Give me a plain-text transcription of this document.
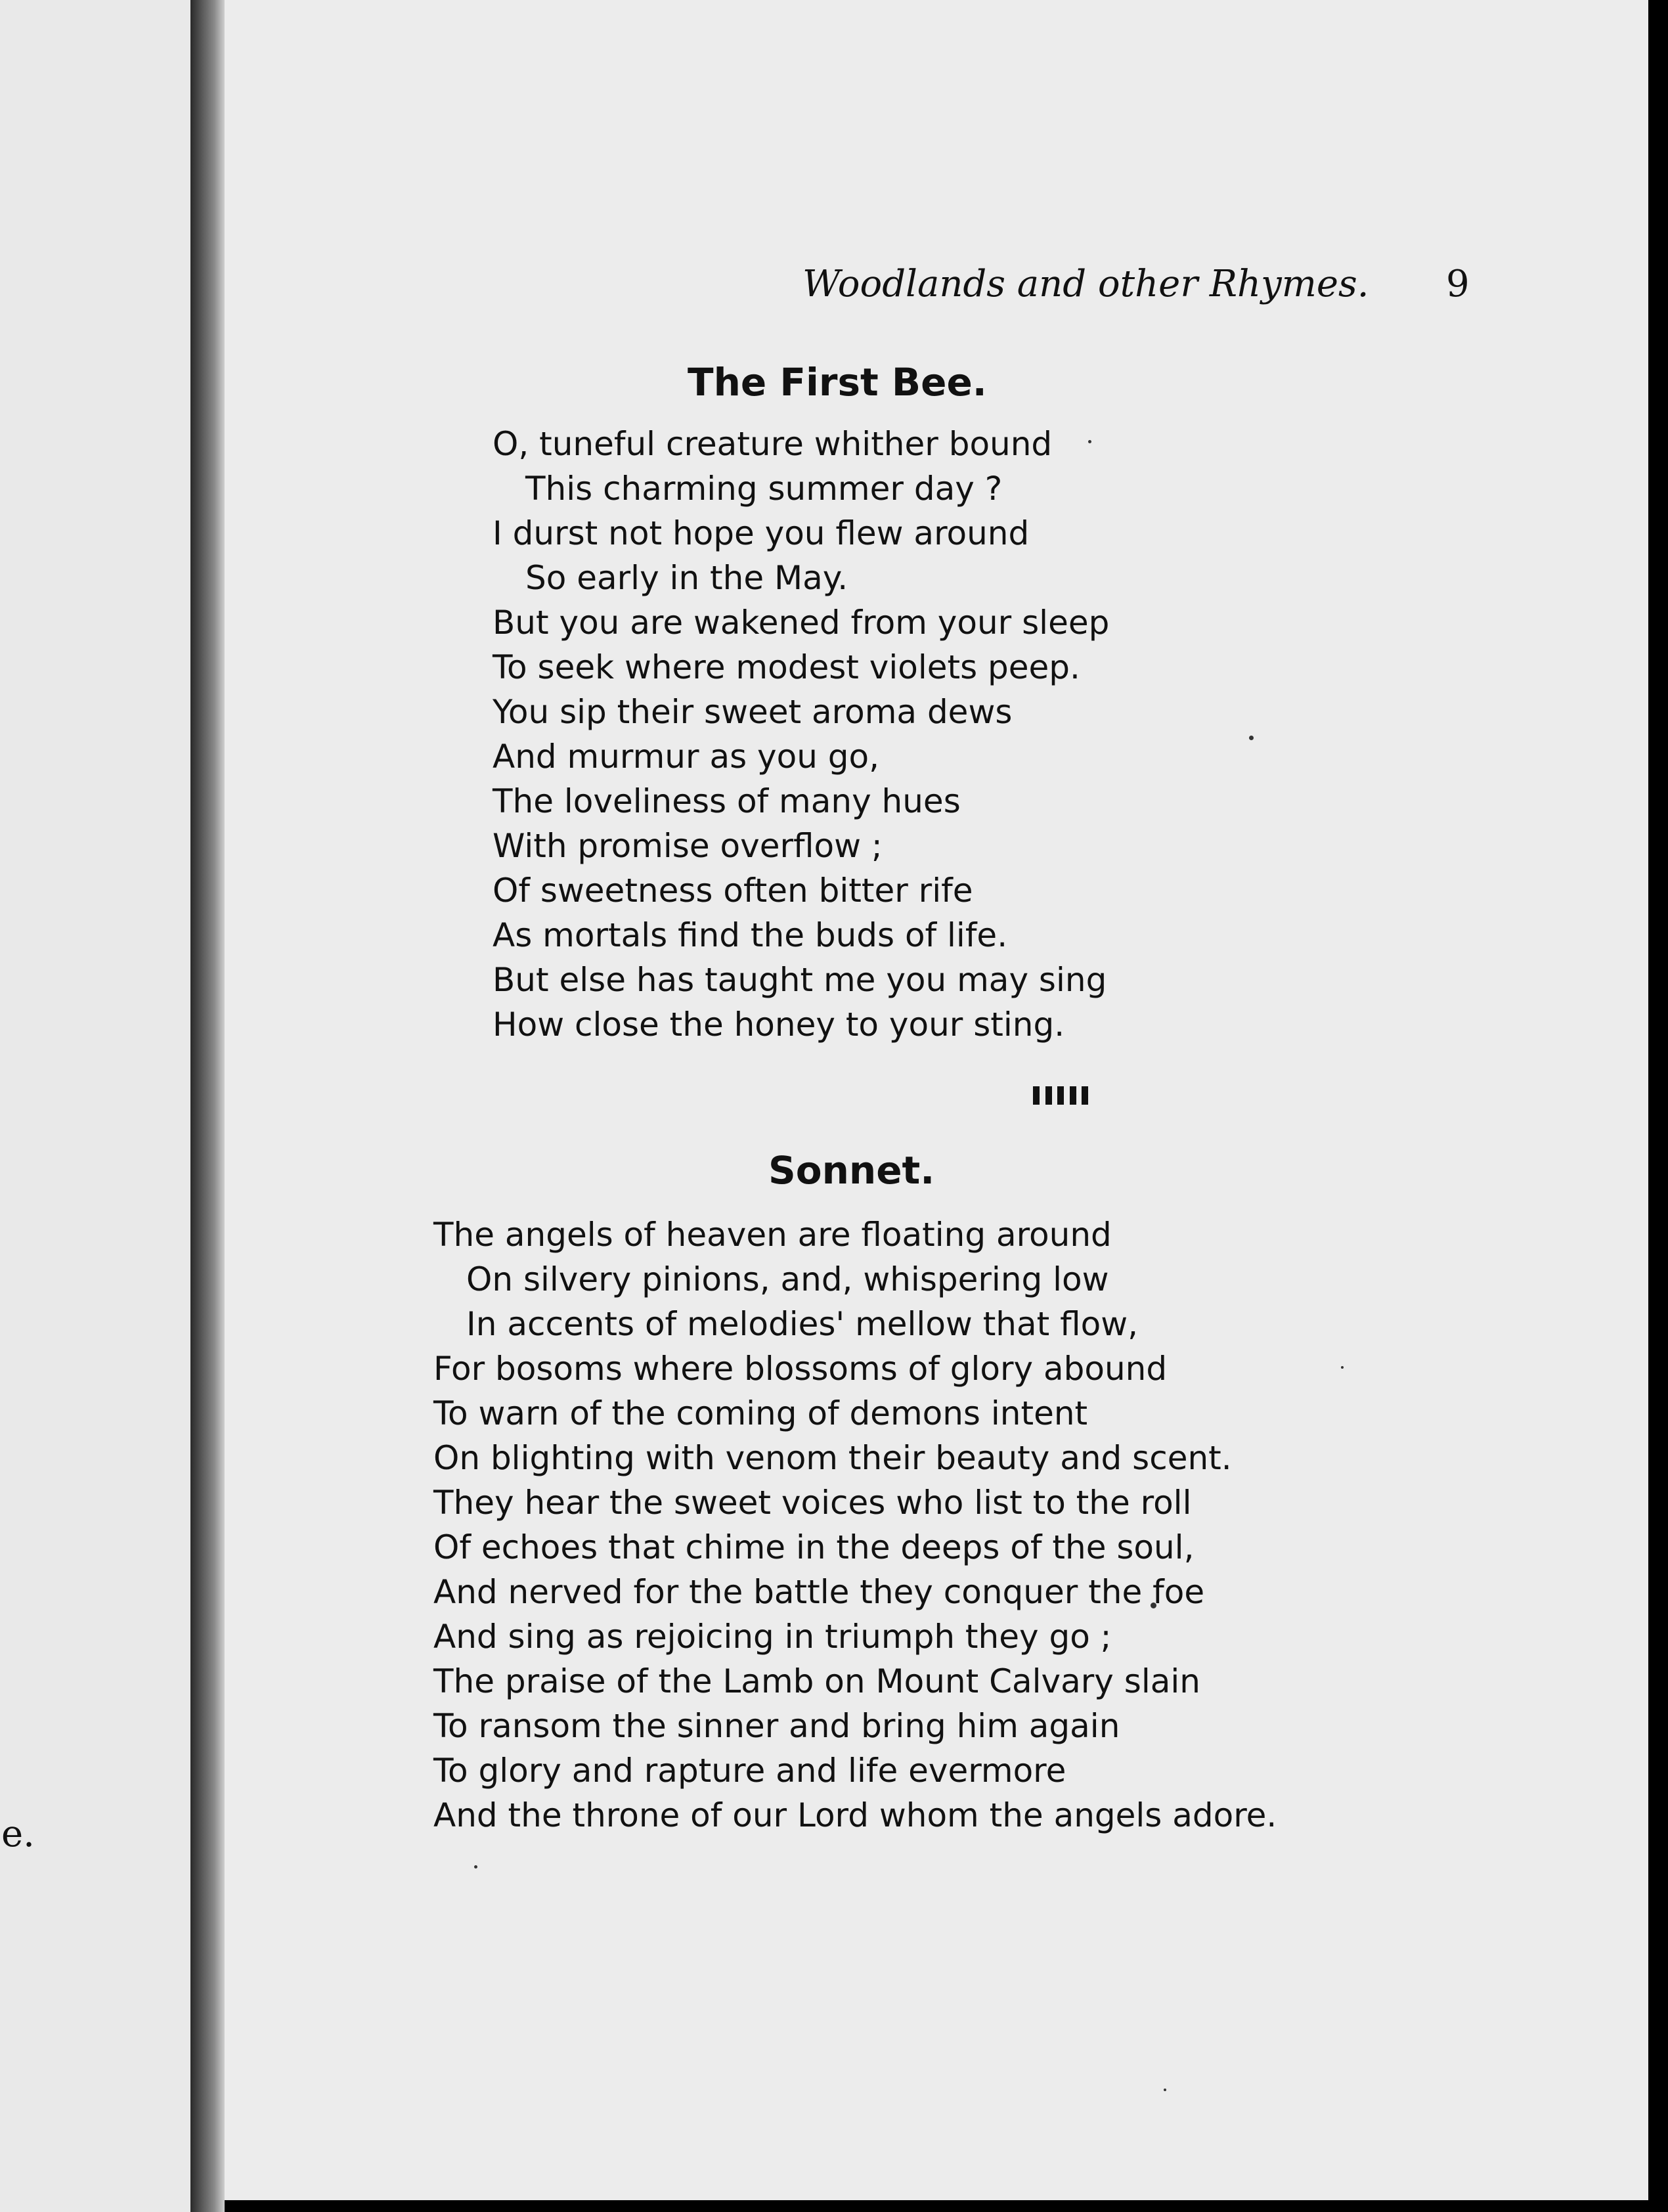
e.
Woodlands and other Rhymes. 9
The First Bee.
O, tuneful creature whither bound
This charming summer day ?
I durst not hope you flew around
So early in the May.
But you are wakened from your sleep
To seek where modest violets peep.
You sip their sweet aroma dews
And murmur as you go,
The loveliness of many hues
With promise overflow ;
Of sweetness often bitter rife
As mortals find the buds of life.
But else has taught me you may sing
How close the honey to your sting.
Sonnet.
The angels of heaven are floating around
On silvery pinions, and, whispering low
In accents of melodies' mellow that flow,
For bosoms where blossoms of glory abound
To warn of the coming of demons intent
On blighting with venom their beauty and scent.
They hear the sweet voices who list to the roll
Of echoes that chime in the deeps of the soul,
And nerved for the battle they conquer the foe
And sing as rejoicing in triumph they go ;
The praise of the Lamb on Mount Calvary slain
To ransom the sinner and bring him again
To glory and rapture and life evermore
And the throne of our Lord whom the angels adore.
